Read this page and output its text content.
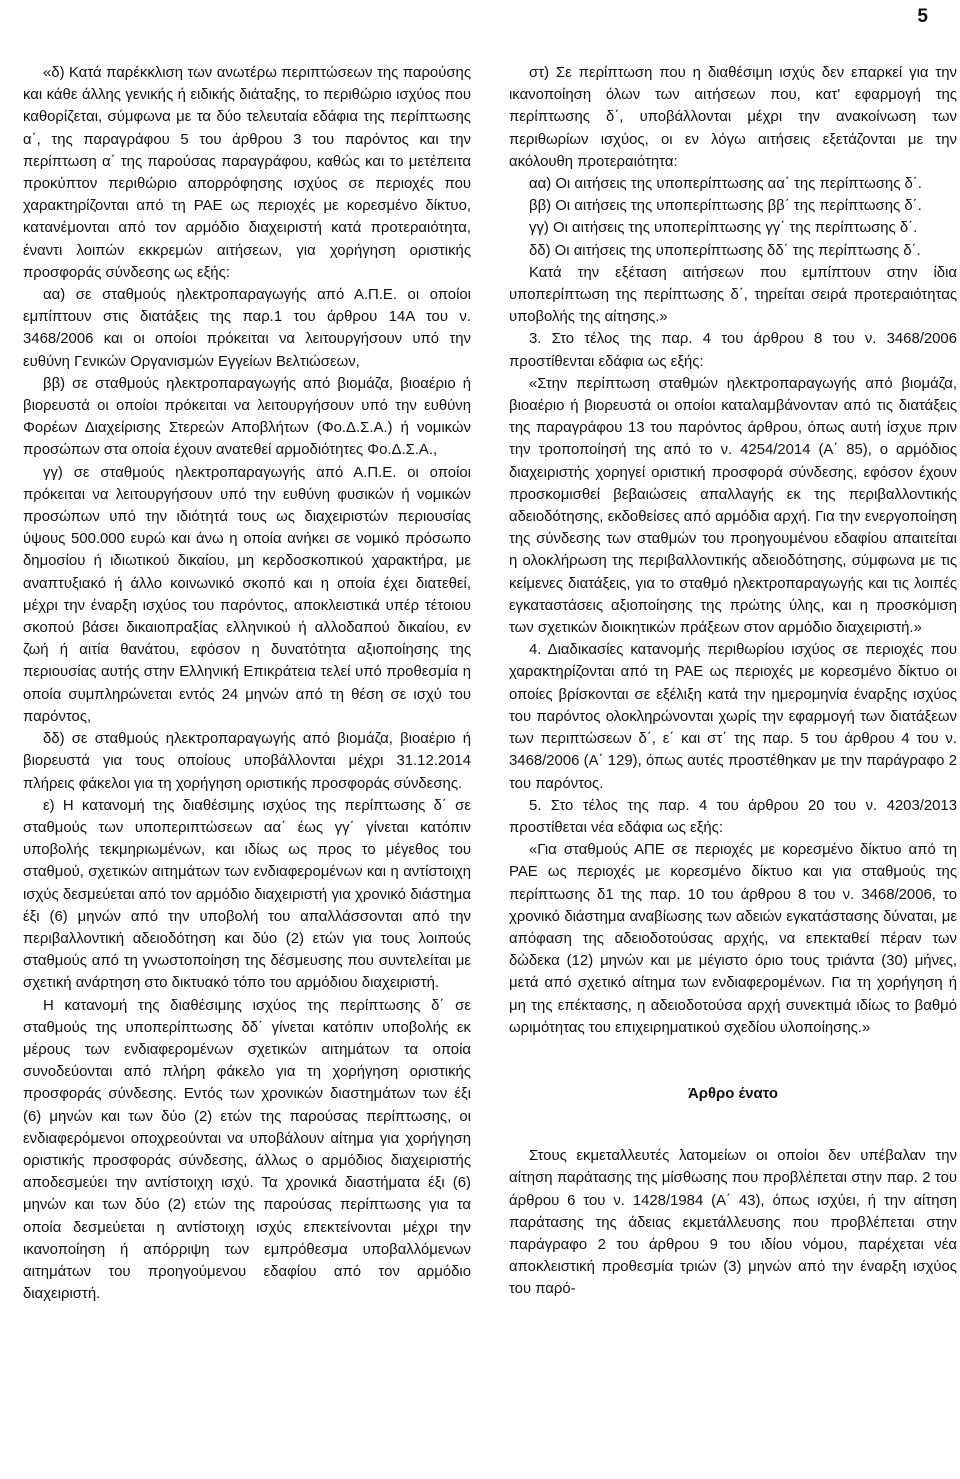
5

«δ) Κατά παρέκκλιση των ανωτέρω περιπτώσεων της παρούσης και κάθε άλλης γενικής ή ειδικής διάταξης, το περιθώριο ισχύος που καθορίζεται, σύμφωνα με τα δύο τελευταία εδάφια της περίπτωσης α΄, της παραγράφου 5 του άρθρου 3 του παρόντος και την περίπτωση α΄ της παρούσας παραγράφου, καθώς και το μετέπειτα προκύπτον περιθώριο απορρόφησης ισχύος σε περιοχές που χαρακτηρίζονται από τη ΡΑΕ ως περιοχές με κορεσμένο δίκτυο, κατανέμονται από τον αρμόδιο διαχειριστή κατά προτεραιότητα, έναντι λοιπών εκκρεμών αιτήσεων, για χορήγηση οριστικής προσφοράς σύνδεσης ως εξής:

αα) σε σταθμούς ηλεκτροπαραγωγής από Α.Π.Ε. οι οποίοι εμπίπτουν στις διατάξεις της παρ.1 του άρθρου 14Α του ν. 3468/2006 και οι οποίοι πρόκειται να λειτουργήσουν υπό την ευθύνη Γενικών Οργανισμών Εγγείων Βελτιώσεων,

ββ) σε σταθμούς ηλεκτροπαραγωγής από βιομάζα, βιοαέριο ή βιορευστά οι οποίοι πρόκειται να λειτουργήσουν υπό την ευθύνη Φορέων Διαχείρισης Στερεών Αποβλήτων (Φο.Δ.Σ.Α.) ή νομικών προσώπων στα οποία έχουν ανατεθεί αρμοδιότητες Φο.Δ.Σ.Α.,

γγ) σε σταθμούς ηλεκτροπαραγωγής από Α.Π.Ε. οι οποίοι πρόκειται να λειτουργήσουν υπό την ευθύνη φυσικών ή νομικών προσώπων υπό την ιδιότητά τους ως διαχειριστών περιουσίας ύψους 500.000 ευρώ και άνω η οποία ανήκει σε νομικό πρόσωπο δημοσίου ή ιδιωτικού δικαίου, μη κερδοσκοπικού χαρακτήρα, με αναπτυξιακό ή άλλο κοινωνικό σκοπό και η οποία έχει διατεθεί, μέχρι την έναρξη ισχύος του παρόντος, αποκλειστικά υπέρ τέτοιου σκοπού βάσει δικαιοπραξίας ελληνικού ή αλλοδαπού δικαίου, εν ζωή ή αιτία θανάτου, εφόσον η δυνατότητα αξιοποίησης της περιουσίας αυτής στην Ελληνική Επικράτεια τελεί υπό προθεσμία η οποία συμπληρώνεται εντός 24 μηνών από τη θέση σε ισχύ του παρόντος,

δδ) σε σταθμούς ηλεκτροπαραγωγής από βιομάζα, βιοαέριο ή βιορευστά για τους οποίους υποβάλλονται μέχρι 31.12.2014 πλήρεις φάκελοι για τη χορήγηση οριστικής προσφοράς σύνδεσης.

ε) Η κατανομή της διαθέσιμης ισχύος της περίπτωσης δ΄ σε σταθμούς των υποπεριπτώσεων αα΄ έως γγ΄ γίνεται κατόπιν υποβολής τεκμηριωμένων, και ιδίως ως προς το μέγεθος του σταθμού, σχετικών αιτημάτων των ενδιαφερομένων και η αντίστοιχη ισχύς δεσμεύεται από τον αρμόδιο διαχειριστή για χρονικό διάστημα έξι (6) μηνών από την υποβολή του απαλλάσσονται από την περιβαλλοντική αδειοδότηση και δύο (2) ετών για τους λοιπούς σταθμούς από τη γνωστοποίηση της δέσμευσης που συντελείται με σχετική ανάρτηση στο δικτυακό τόπο του αρμόδιου διαχειριστή.

Η κατανομή της διαθέσιμης ισχύος της περίπτωσης δ΄ σε σταθμούς της υποπερίπτωσης δδ΄ γίνεται κατόπιν υποβολής εκ μέρους των ενδιαφερομένων σχετικών αιτημάτων τα οποία συνοδεύονται από πλήρη φάκελο για τη χορήγηση οριστικής προσφοράς σύνδεσης. Εντός των χρονικών διαστημάτων των έξι (6) μηνών και των δύο (2) ετών της παρούσας περίπτωσης, οι ενδιαφερόμενοι οποχρεούνται να υποβάλουν αίτημα για χορήγηση οριστικής προσφοράς σύνδεσης, άλλως ο αρμόδιος διαχειριστής αποδεσμεύει την αντίστοιχη ισχύ. Τα χρονικά διαστήματα έξι (6) μηνών και των δύο (2) ετών της παρούσας περίπτωσης για τα οποία δεσμεύεται η αντίστοιχη ισχύς επεκτείνονται μέχρι την ικανοποίηση ή απόρριψη των εμπρόθεσμα υποβαλλόμενων αιτημάτων του προηγούμενου εδαφίου από τον αρμόδιο διαχειριστή.

στ) Σε περίπτωση που η διαθέσιμη ισχύς δεν επαρκεί για την ικανοποίηση όλων των αιτήσεων που, κατ' εφαρμογή της περίπτωσης δ΄, υποβάλλονται μέχρι την ανακοίνωση των περιθωρίων ισχύος, οι εν λόγω αιτήσεις εξετάζονται με την ακόλουθη προτεραιότητα:

αα) Οι αιτήσεις της υποπερίπτωσης αα΄ της περίπτωσης δ΄.

ββ) Οι αιτήσεις της υποπερίπτωσης ββ΄ της περίπτωσης δ΄.

γγ) Οι αιτήσεις της υποπερίπτωσης γγ΄ της περίπτωσης δ΄.

δδ) Οι αιτήσεις της υποπερίπτωσης δδ΄ της περίπτωσης δ΄.

Κατά την εξέταση αιτήσεων που εμπίπτουν στην ίδια υποπερίπτωση της περίπτωσης δ΄, τηρείται σειρά προτεραιότητας υποβολής της αίτησης.»

3. Στο τέλος της παρ. 4 του άρθρου 8 του ν. 3468/2006 προστίθενται εδάφια ως εξής:

«Στην περίπτωση σταθμών ηλεκτροπαραγωγής από βιομάζα, βιοαέριο ή βιορευστά οι οποίοι καταλαμβάνονταν από τις διατάξεις της παραγράφου 13 του παρόντος άρθρου, όπως αυτή ίσχυε πριν την τροποποίησή της από το ν. 4254/2014 (Α΄ 85), ο αρμόδιος διαχειριστής χορηγεί οριστική προσφορά σύνδεσης, εφόσον έχουν προσκομισθεί βεβαιώσεις απαλλαγής εκ της περιβαλλοντικής αδειοδότησης, εκδοθείσες από αρμόδια αρχή. Για την ενεργοποίηση της σύνδεσης των σταθμών του προηγουμένου εδαφίου απαιτείται η ολοκλήρωση της περιβαλλοντικής αδειοδότησης, σύμφωνα με τις κείμενες διατάξεις, για το σταθμό ηλεκτροπαραγωγής και τις λοιπές εγκαταστάσεις αξιοποίησης της πρώτης ύλης, και η προσκόμιση των σχετικών διοικητικών πράξεων στον αρμόδιο διαχειριστή.»

4. Διαδικασίες κατανομής περιθωρίου ισχύος σε περιοχές που χαρακτηρίζονται από τη ΡΑΕ ως περιοχές με κορεσμένο δίκτυο οι οποίες βρίσκονται σε εξέλιξη κατά την ημερομηνία έναρξης ισχύος του παρόντος ολοκληρώνονται χωρίς την εφαρμογή των διατάξεων των περιπτώσεων δ΄, ε΄ και στ΄ της παρ. 5 του άρθρου 4 του ν. 3468/2006 (Α΄ 129), όπως αυτές προστέθηκαν με την παράγραφο 2 του παρόντος.

5. Στο τέλος της παρ. 4 του άρθρου 20 του ν. 4203/2013 προστίθεται νέα εδάφια ως εξής:

«Για σταθμούς ΑΠΕ σε περιοχές με κορεσμένο δίκτυο από τη ΡΑΕ ως περιοχές με κορεσμένο δίκτυο και για σταθμούς της περίπτωσης δ1 της παρ. 10 του άρθρου 8 του ν. 3468/2006, το χρονικό διάστημα αναβίωσης των αδειών εγκατάστασης δύναται, με απόφαση της αδειοδοτούσας αρχής, να επεκταθεί πέραν των δώδεκα (12) μηνών και με μέγιστο όριο τους τριάντα (30) μήνες, μετά από σχετικό αίτημα των ενδιαφερομένων. Για τη χορήγηση ή μη της επέκτασης, η αδειοδοτούσα αρχή συνεκτιμά ιδίως το βαθμό ωριμότητας του επιχειρηματικού σχεδίου υλοποίησης.»

Άρθρο ένατο

Στους εκμεταλλευτές λατομείων οι οποίοι δεν υπέβαλαν την αίτηση παράτασης της μίσθωσης που προβλέπεται στην παρ. 2 του άρθρου 6 του ν. 1428/1984 (Α΄ 43), όπως ισχύει, ή την αίτηση παράτασης της άδειας εκμετάλλευσης που προβλέπεται στην παράγραφο 2 του άρθρου 9 του ιδίου νόμου, παρέχεται νέα αποκλειστική προθεσμία τριών (3) μηνών από την έναρξη ισχύος του παρό-
